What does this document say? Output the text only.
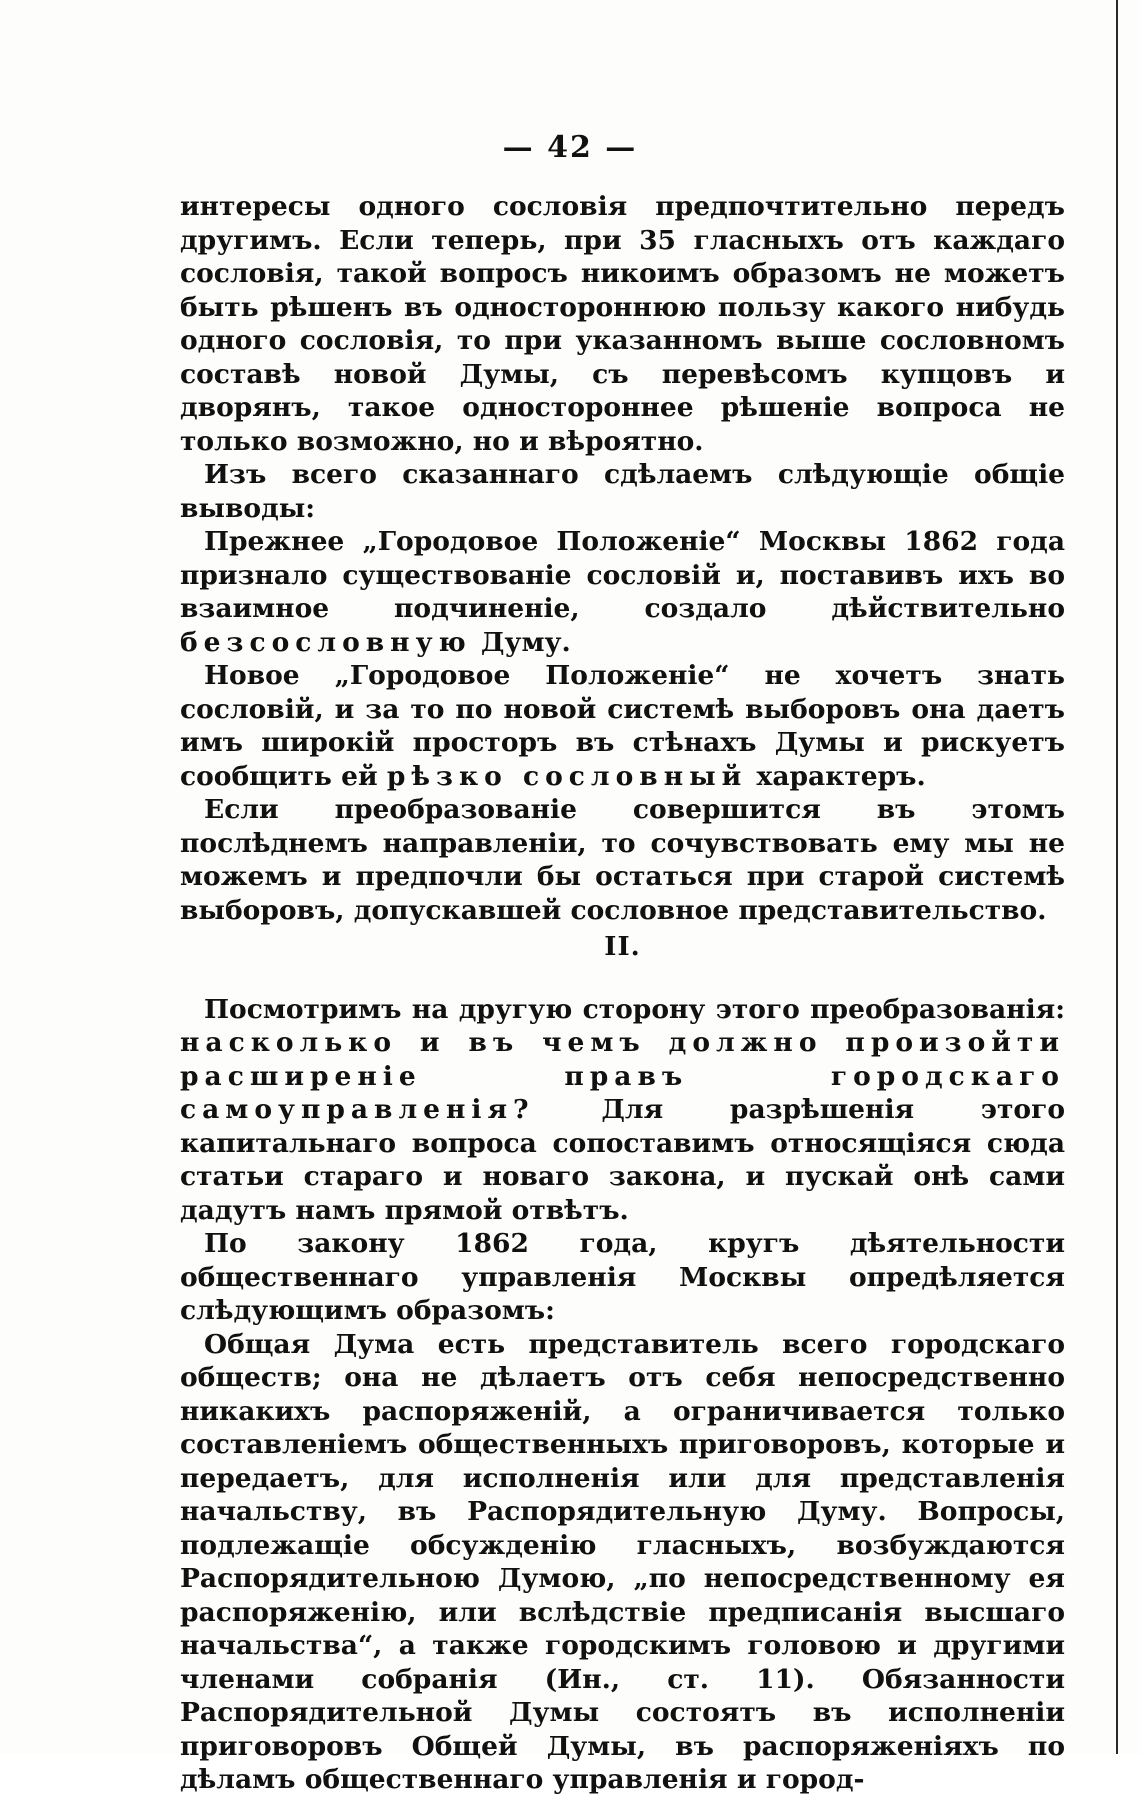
— 42 —

интересы одного сословія предпочтительно передъ другимъ. Если теперь, при 35 гласныхъ отъ каждаго сословія, такой вопросъ никоимъ образомъ не можетъ быть рѣшенъ въ одностороннюю пользу какого нибудь одного сословія, то при указанномъ выше сословномъ составѣ новой Думы, съ перевѣсомъ купцовъ и дворянъ, такое одностороннее рѣшеніе вопроса не только возможно, но и вѣроятно.

Изъ всего сказаннаго сдѣлаемъ слѣдующіе общіе выводы:

Прежнее „Городовое Положеніе“ Москвы 1862 года признало существованіе сословій и, поставивъ ихъ во взаимное подчиненіе, создало дѣйствительно безсословную Думу.

Новое „Городовое Положеніе“ не хочетъ знать сословій, и за то по новой системѣ выборовъ она даетъ имъ широкій просторъ въ стѣнахъ Думы и рискуетъ сообщить ей рѣзко сословный характеръ.

Если преобразованіе совершится въ этомъ послѣднемъ направленіи, то сочувствовать ему мы не можемъ и предпочли бы остаться при старой системѣ выборовъ, допускавшей сословное представительство.

II.

Посмотримъ на другую сторону этого преобразованія: насколько и въ чемъ должно произойти расширеніе правъ городскаго самоуправленія? Для разрѣшенія этого капитальнаго вопроса сопоставимъ относящіяся сюда статьи стараго и новаго закона, и пускай онѣ сами дадутъ намъ прямой отвѣтъ.

По закону 1862 года, кругъ дѣятельности общественнаго управленія Москвы опредѣляется слѣдующимъ образомъ:

Общая Дума есть представитель всего городскаго обществ; она не дѣлаетъ отъ себя непосредственно никакихъ распоряженій, а ограничивается только составленіемъ общественныхъ приговоровъ, которые и передаетъ, для исполненія или для представленія начальству, въ Распорядительную Думу. Вопросы, подлежащіе обсужденію гласныхъ, возбуждаются Распорядительною Думою, „по непосредственному ея распоряженію, или вслѣдствіе предписанія высшаго начальства“, а также городскимъ головою и другими членами собранія (Ин., ст. 11). Обязанности Распорядительной Думы состоятъ въ исполненіи приговоровъ Общей Думы, въ распоряженіяхъ по дѣламъ общественнаго управленія и город-
